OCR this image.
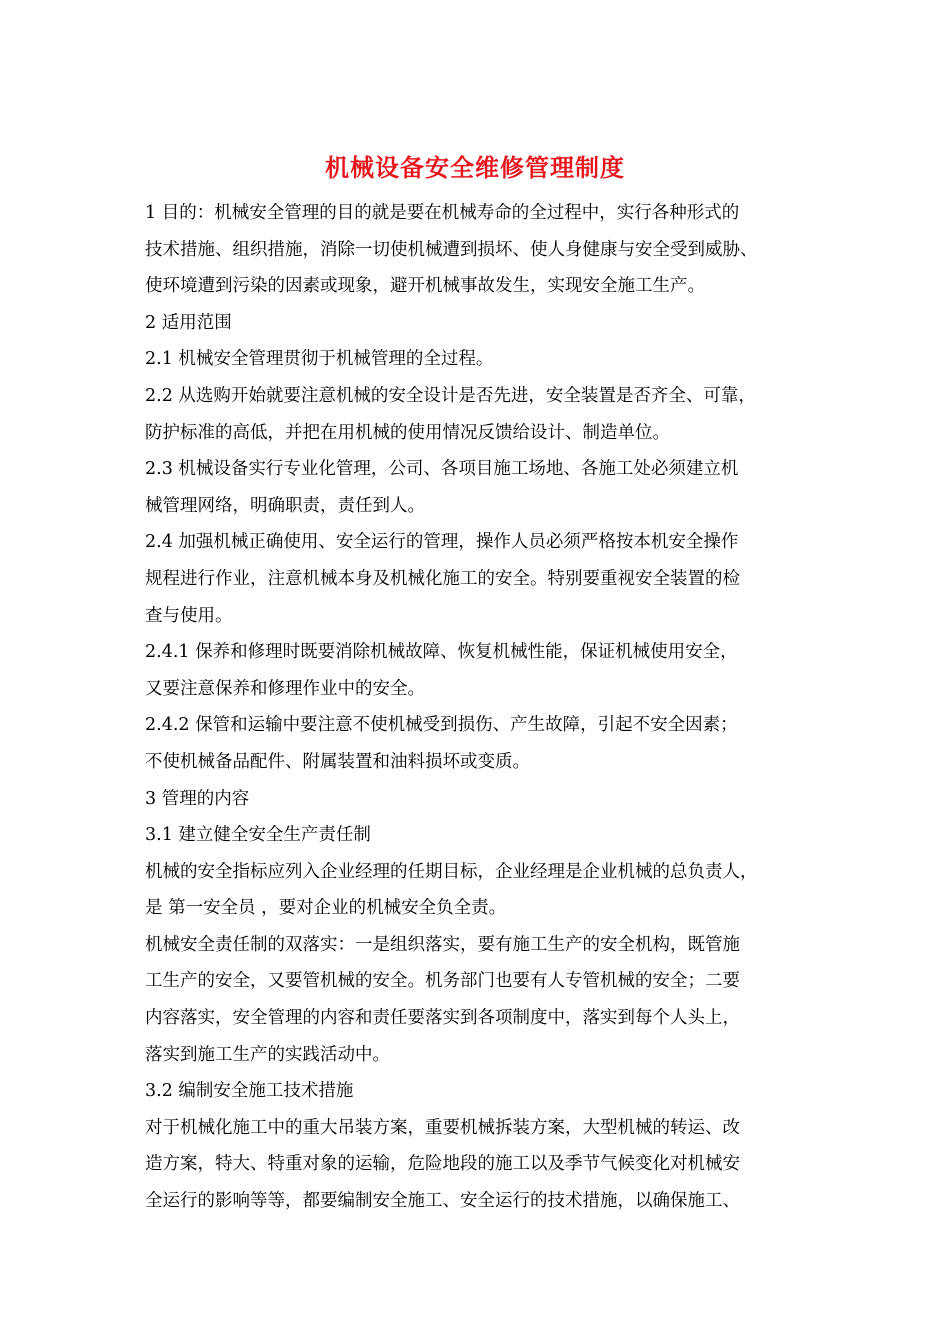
机械设备安全维修管理制度
1 目的：机械安全管理的目的就是要在机械寿命的全过程中，实行各种形式的
技术措施、组织措施，消除一切使机械遭到损坏、使人身健康与安全受到威胁、
使环境遭到污染的因素或现象，避开机械事故发生，实现安全施工生产。
2 适用范围
2.1 机械安全管理贯彻于机械管理的全过程。
2.2 从选购开始就要注意机械的安全设计是否先进，安全装置是否齐全、可靠，
防护标准的高低，并把在用机械的使用情况反馈给设计、制造单位。
2.3 机械设备实行专业化管理，公司、各项目施工场地、各施工处必须建立机
械管理网络，明确职责，责任到人。
2.4 加强机械正确使用、安全运行的管理，操作人员必须严格按本机安全操作
规程进行作业，注意机械本身及机械化施工的安全。特别要重视安全装置的检
查与使用。
2.4.1 保养和修理时既要消除机械故障、恢复机械性能，保证机械使用安全，
又要注意保养和修理作业中的安全。
2.4.2 保管和运输中要注意不使机械受到损伤、产生故障，引起不安全因素；
不使机械备品配件、附属装置和油料损坏或变质。
3 管理的内容
3.1 建立健全安全生产责任制
机械的安全指标应列入企业经理的任期目标，企业经理是企业机械的总负责人，
是 第一安全员 ，要对企业的机械安全负全责。
机械安全责任制的双落实：一是组织落实，要有施工生产的安全机构，既管施
工生产的安全，又要管机械的安全。机务部门也要有人专管机械的安全；二要
内容落实，安全管理的内容和责任要落实到各项制度中，落实到每个人头上，
落实到施工生产的实践活动中。
3.2 编制安全施工技术措施
对于机械化施工中的重大吊装方案，重要机械拆装方案，大型机械的转运、改
造方案，特大、特重对象的运输，危险地段的施工以及季节气候变化对机械安
全运行的影响等等，都要编制安全施工、安全运行的技术措施，以确保施工、
